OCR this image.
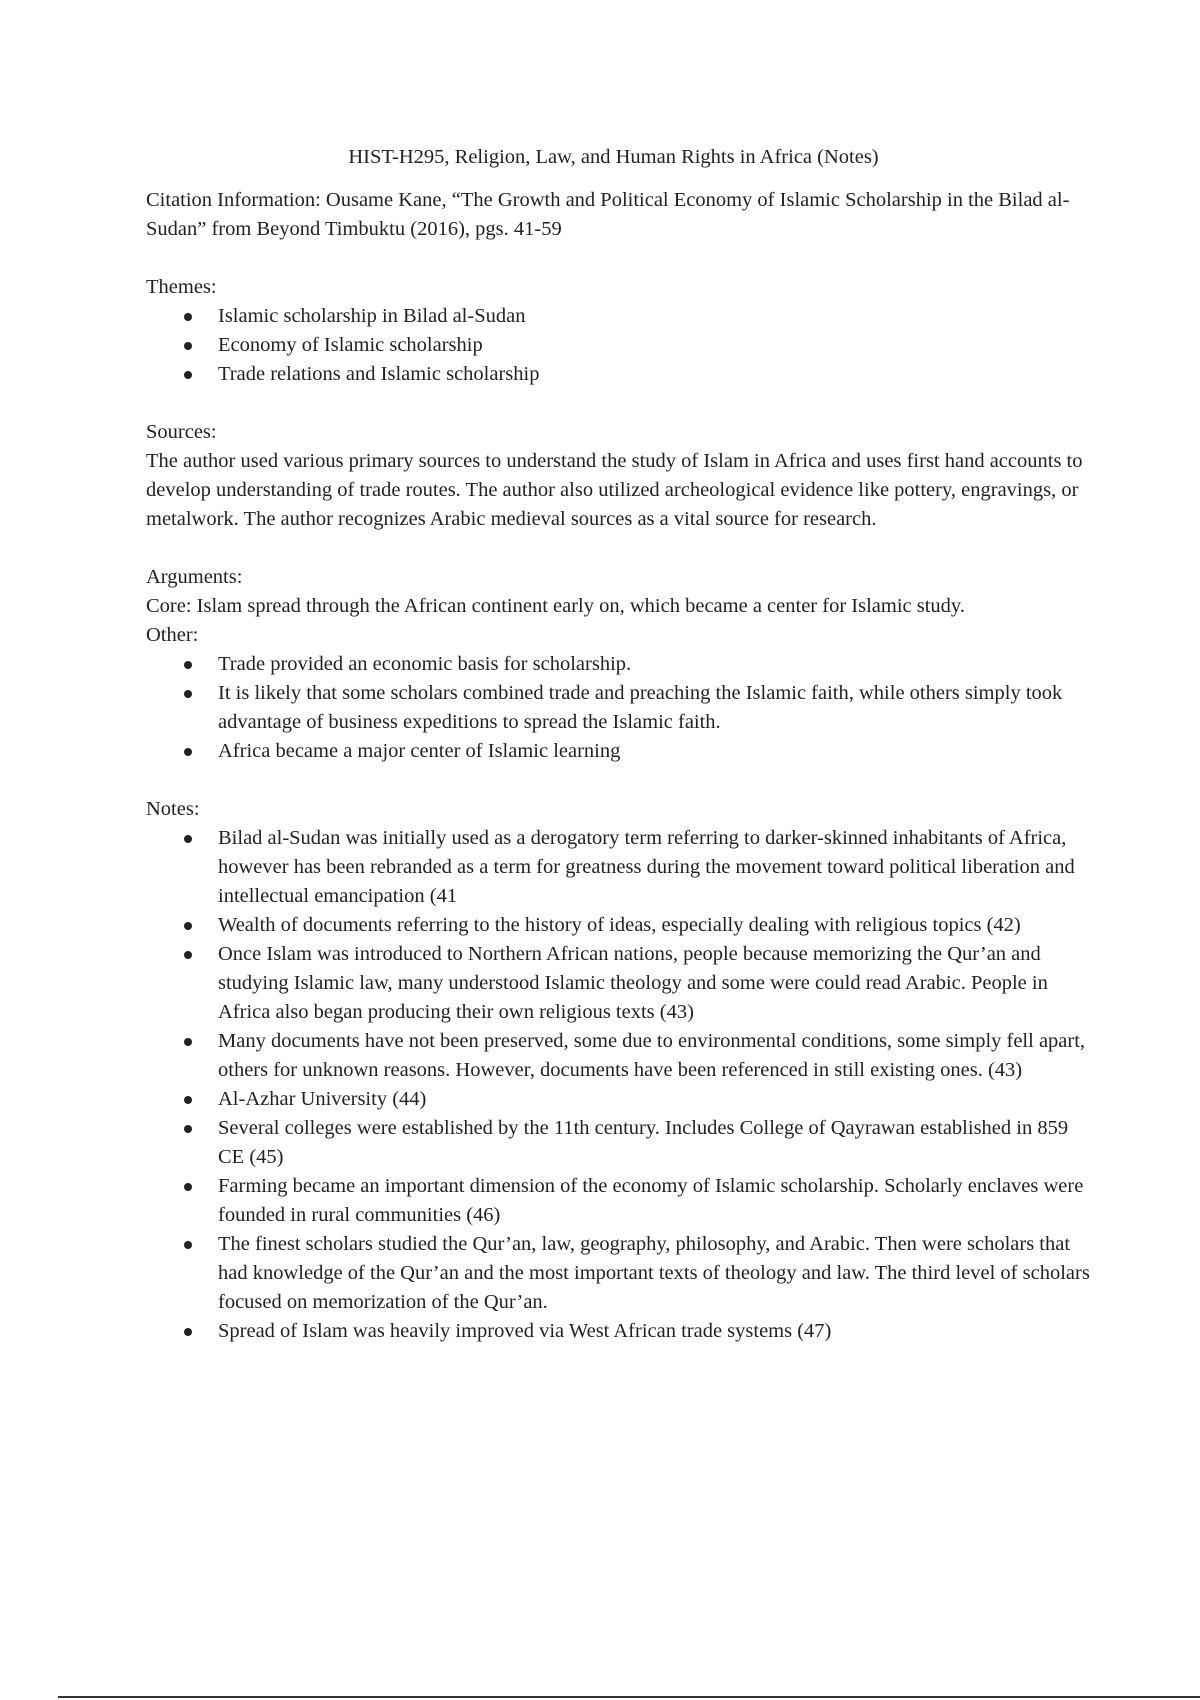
HIST-H295, Religion, Law, and Human Rights in Africa (Notes)

Citation Information: Ousame Kane, “The Growth and Political Economy of Islamic Scholarship in the Bilad al-Sudan” from Beyond Timbuktu (2016), pgs. 41-59

Themes:

Islamic scholarship in Bilad al-Sudan
Economy of Islamic scholarship
Trade relations and Islamic scholarship

Sources:

The author used various primary sources to understand the study of Islam in Africa and uses first hand accounts to develop understanding of trade routes. The author also utilized archeological evidence like pottery, engravings, or metalwork. The author recognizes Arabic medieval sources as a vital source for research.

Arguments:

Core: Islam spread through the African continent early on, which became a center for Islamic study.

Other:

Trade provided an economic basis for scholarship.
It is likely that some scholars combined trade and preaching the Islamic faith, while others simply took advantage of business expeditions to spread the Islamic faith.
Africa became a major center of Islamic learning

Notes:

Bilad al-Sudan was initially used as a derogatory term referring to darker-skinned inhabitants of Africa, however has been rebranded as a term for greatness during the movement toward political liberation and intellectual emancipation (41
Wealth of documents referring to the history of ideas, especially dealing with religious topics (42)
Once Islam was introduced to Northern African nations, people because memorizing the Qur’an and studying Islamic law, many understood Islamic theology and some were could read Arabic. People in Africa also began producing their own religious texts (43)
Many documents have not been preserved, some due to environmental conditions, some simply fell apart, others for unknown reasons. However, documents have been referenced in still existing ones. (43)
Al-Azhar University (44)
Several colleges were established by the 11th century. Includes College of Qayrawan established in 859 CE (45)
Farming became an important dimension of the economy of Islamic scholarship. Scholarly enclaves were founded in rural communities (46)
The finest scholars studied the Qur’an, law, geography, philosophy, and Arabic. Then were scholars that had knowledge of the Qur’an and the most important texts of theology and law. The third level of scholars focused on memorization of the Qur’an.
Spread of Islam was heavily improved via West African trade systems (47)
